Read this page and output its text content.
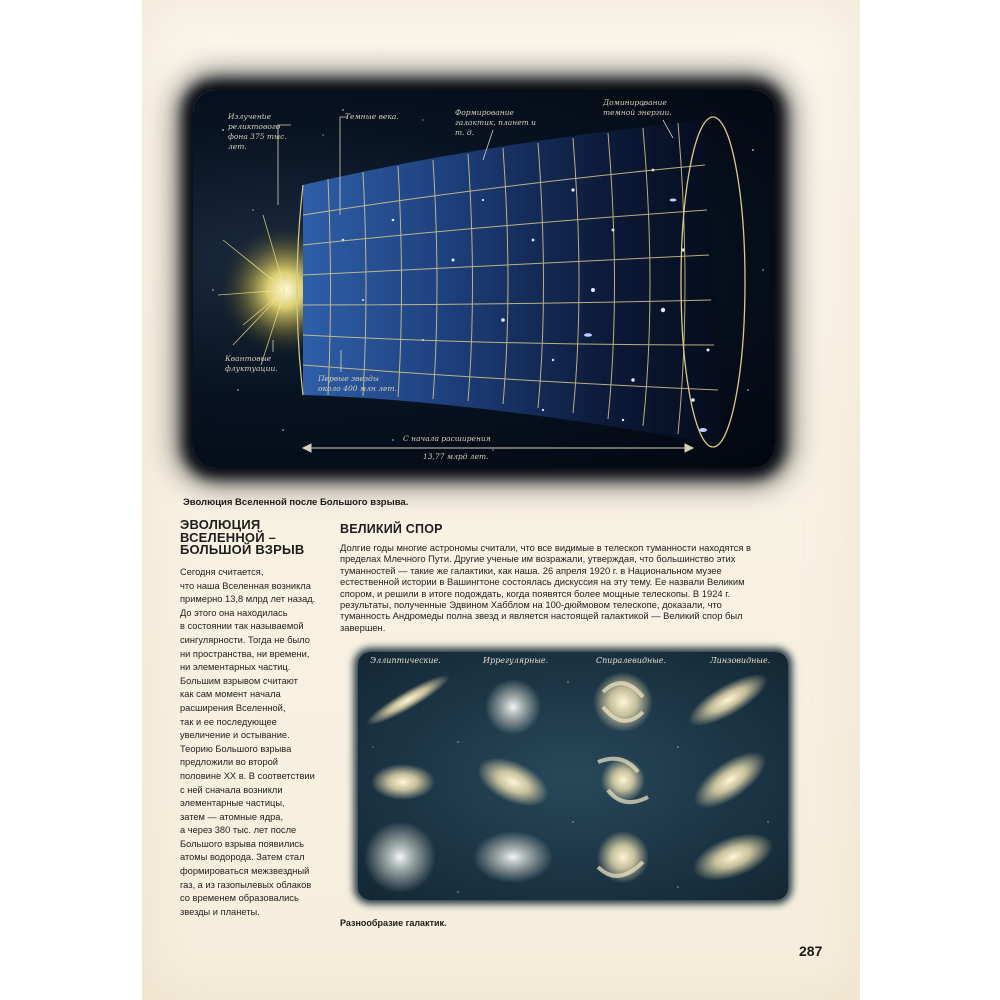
Излучение реликтового фона 375 тыс. лет.
Темные века.	Формирование галактик, планет и т. д.
Доминирование темной энергии.
Квантовые флуктуации.
Первые звезды около 400 млн лет.
С начала расширения
13,77 млрд лет.
Эволюция Вселенной после Большого взрыва.
ЭВОЛЮЦИЯ
ВСЕЛЕННОЙ –
БОЛЬШОЙ ВЗРЫВ
Сегодня считается,
что наша Вселенная возникла
примерно 13,8 млрд лет назад.
До этого она находилась
в состоянии так называемой
сингулярности. Тогда не было
ни пространства, ни времени,
ни элементарных частиц.
Большим взрывом считают
как сам момент начала
расширения Вселенной,
так и ее последующее
увеличение и остывание.
Теорию Большого взрыва
предложили во второй
половине XX в. В соответствии
с ней сначала возникли
элементарные частицы,
затем — атомные ядра,
а через 380 тыс. лет после
Большого взрыва появились
атомы водорода. Затем стал
формироваться межзвездный
газ, а из газопылевых облаков
со временем образовались
звезды и планеты.
ВЕЛИКИЙ СПОР
Долгие годы многие астрономы считали, что все видимые в телескоп туманности находятся в пределах Млечного Пути. Другие ученые им возражали, утверждая, что большинство этих туманностей — такие же галактики, как наша. 26 апреля 1920 г. в Национальном музее естественной истории в Вашингтоне состоялась дискуссия на эту тему. Ее назвали Великим спором, и решили в итоге подождать, когда появятся более мощные телескопы. В 1924 г. результаты, полученные Эдвином Хабблом на 100-дюймовом телескопе, доказали, что туманность Андромеды полна звезд и является настоящей галактикой — Великий спор был завершен.
Эллиптические.	Иррегулярные.	Спиралевидные.	Линзовидные.
Разнообразие галактик.
287
